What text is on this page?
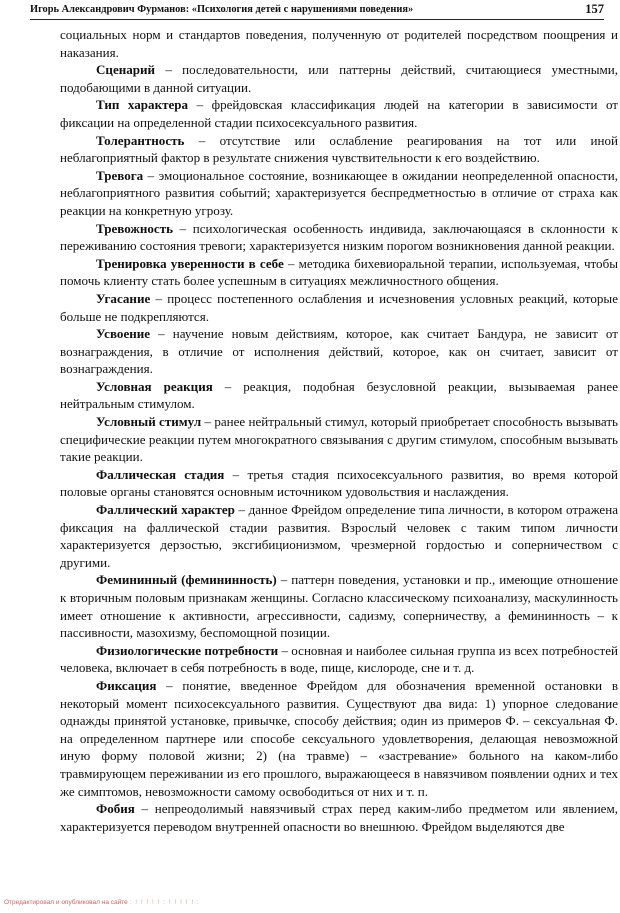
Игорь Александрович Фурманов: «Психология детей с нарушениями поведения»	157

социальных норм и стандартов поведения, полученную от родителей посредством поощрения и наказания.

Сценарий – последовательности, или паттерны действий, считающиеся уместными, подобающими в данной ситуации.

Тип характера – фрейдовская классификация людей на категории в зависимости от фиксации на определенной стадии психосексуального развития.

Толерантность – отсутствие или ослабление реагирования на тот или иной неблагоприятный фактор в результате снижения чувствительности к его воздействию.

Тревога – эмоциональное состояние, возникающее в ожидании неопределенной опасности, неблагоприятного развития событий; характеризуется беспредметностью в отличие от страха как реакции на конкретную угрозу.

Тревожность – психологическая особенность индивида, заключающаяся в склонности к переживанию состояния тревоги; характеризуется низким порогом возникновения данной реакции.

Тренировка уверенности в себе – методика бихевиоральной терапии, используемая, чтобы помочь клиенту стать более успешным в ситуациях межличностного общения.

Угасание – процесс постепенного ослабления и исчезновения условных реакций, которые больше не подкрепляются.

Усвоение – научение новым действиям, которое, как считает Бандура, не зависит от вознаграждения, в отличие от исполнения действий, которое, как он считает, зависит от вознаграждения.

Условная реакция – реакция, подобная безусловной реакции, вызываемая ранее нейтральным стимулом.

Условный стимул – ранее нейтральный стимул, который приобретает способность вызывать специфические реакции путем многократного связывания с другим стимулом, способным вызывать такие реакции.

Фаллическая стадия – третья стадия психосексуального развития, во время которой половые органы становятся основным источником удовольствия и наслаждения.

Фаллический характер – данное Фрейдом определение типа личности, в котором отражена фиксация на фаллической стадии развития. Взрослый человек с таким типом личности характеризуется дерзостью, эксгибиционизмом, чрезмерной гордостью и соперничеством с другими.

Фемининный (фемининность) – паттерн поведения, установки и пр., имеющие отношение к вторичным половым признакам женщины. Согласно классическому психоанализу, маскулинность имеет отношение к активности, агрессивности, садизму, соперничеству, а фемининность – к пассивности, мазохизму, беспомощной позиции.

Физиологические потребности – основная и наиболее сильная группа из всех потребностей человека, включает в себя потребность в воде, пище, кислороде, сне и т. д.

Фиксация – понятие, введенное Фрейдом для обозначения временной остановки в некоторый момент психосексуального развития. Существуют два вида: 1) упорное следование однажды принятой установке, привычке, способу действия; один из примеров Ф. – сексуальная Ф. на определенном партнере или способе сексуального удовлетворения, делающая невозможной иную форму половой жизни; 2) (на травме) – «застревание» больного на каком-либо травмирующем переживании из его прошлого, выражающееся в навязчивом появлении одних и тех же симптомов, невозможности самому освободиться от них и т. п.

Фобия – непреодолимый навязчивый страх перед каким-либо предметом или явлением, характеризуется переводом внутренней опасности во внешнюю. Фрейдом выделяются две

Отредактировал и опубликовал на сайте : ! ! ! ! ! : ! ! ! ! ! :
